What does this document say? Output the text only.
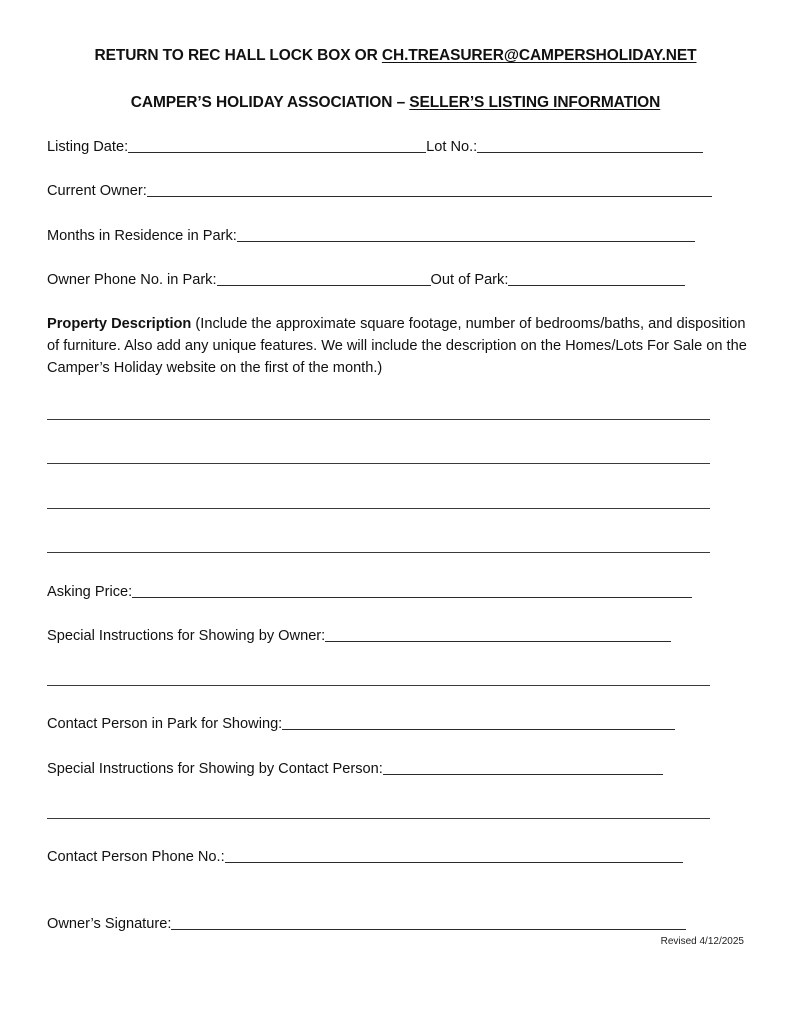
RETURN TO REC HALL LOCK BOX OR CH.TREASURER@CAMPERSHOLIDAY.NET
CAMPER’S HOLIDAY ASSOCIATION – SELLER’S LISTING INFORMATION
Listing Date:	Lot No.:
Current Owner:
Months in Residence in Park:
Owner Phone No. in Park:	Out of Park:
Property Description (Include the approximate square footage, number of bedrooms/baths, and disposition of furniture. Also add any unique features. We will include the description on the Homes/Lots For Sale on the Camper’s Holiday website on the first of the month.)
Asking Price:
Special Instructions for Showing by Owner:
Contact Person in Park for Showing:
Special Instructions for Showing by Contact Person:
Contact Person Phone No.:
Owner’s Signature:
Revised 4/12/2025
